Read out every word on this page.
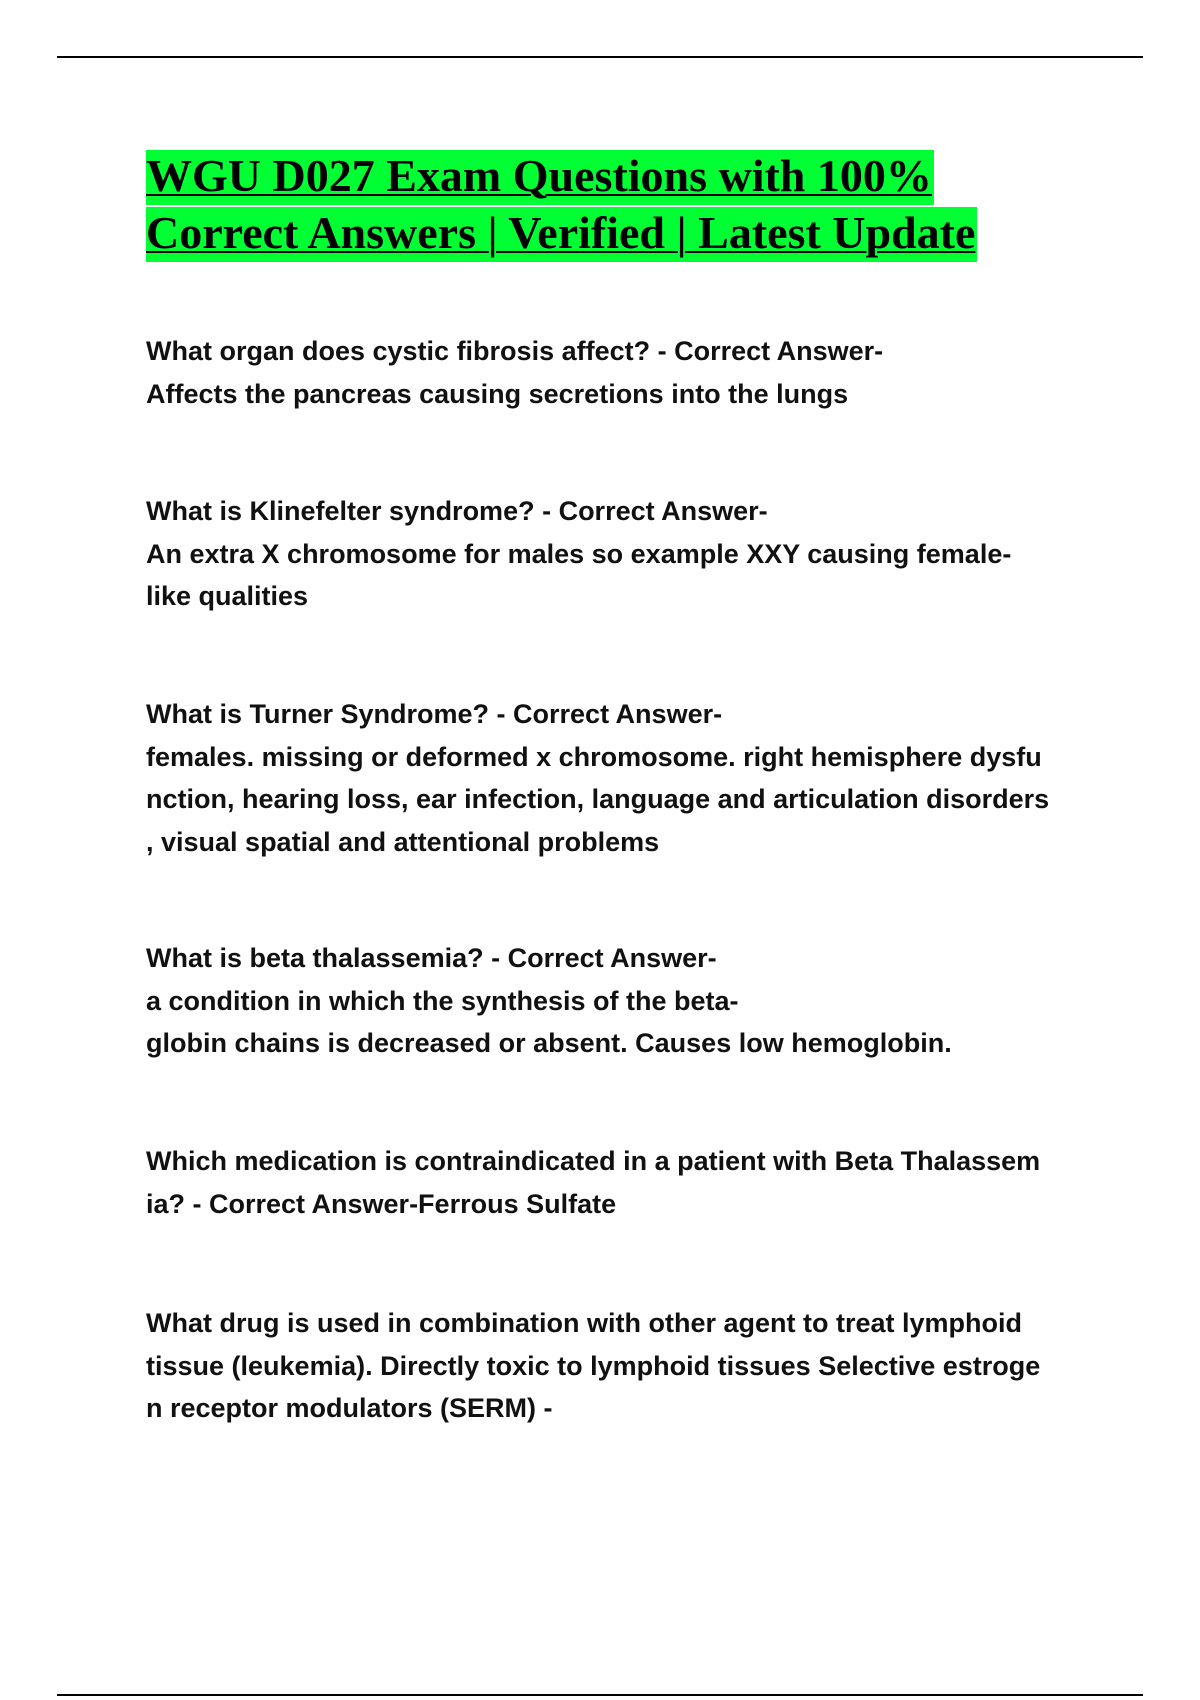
WGU D027 Exam Questions with 100%
Correct Answers | Verified | Latest Update
What organ does cystic fibrosis affect? - Correct Answer-
Affects the pancreas causing secretions into the lungs
What is Klinefelter syndrome? - Correct Answer-
An extra X chromosome for males so example XXY causing female-
like qualities
What is Turner Syndrome? - Correct Answer-
females. missing or deformed x chromosome. right hemisphere dysfu
nction, hearing loss, ear infection, language and articulation disorders
, visual spatial and attentional problems
What is beta thalassemia? - Correct Answer-
a condition in which the synthesis of the beta-
globin chains is decreased or absent. Causes low hemoglobin.
Which medication is contraindicated in a patient with Beta Thalassem
ia? - Correct Answer-Ferrous Sulfate
What drug is used in combination with other agent to treat lymphoid
tissue (leukemia). Directly toxic to lymphoid tissues Selective estroge
n receptor modulators (SERM) -
